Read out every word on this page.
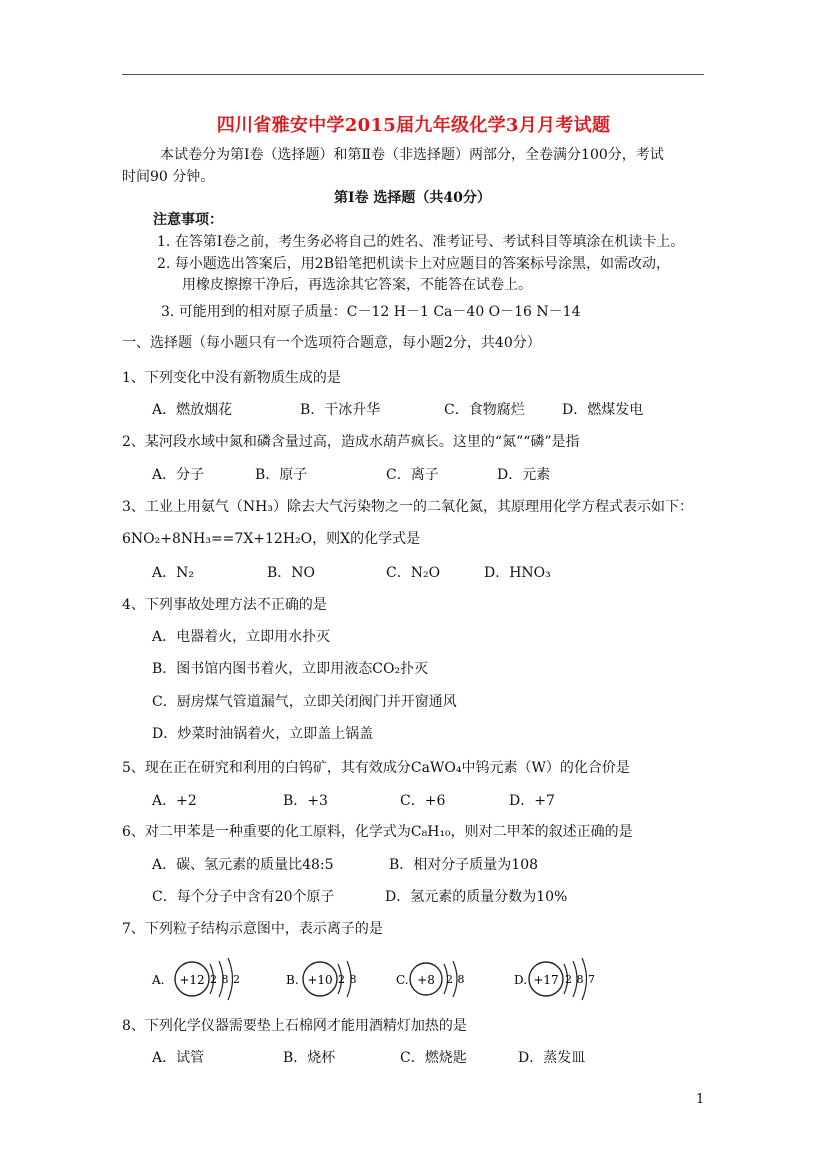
四川省雅安中学2015届九年级化学3月月考试题
本试卷分为第Ⅰ卷（选择题）和第Ⅱ卷（非选择题）两部分，全卷满分100分，考试
时间90 分钟。
第Ⅰ卷 选择题（共40分）
注意事项：
1. 在答第Ⅰ卷之前，考生务必将自己的姓名、准考证号、考试科目等填涂在机读卡上。
2. 每小题选出答案后，用2B铅笔把机读卡上对应题目的答案标号涂黑，如需改动，
用橡皮擦擦干净后，再选涂其它答案，不能答在试卷上。
3. 可能用到的相对原子质量：C－12 H－1 Ca－40 O－16 N－14
一、选择题（每小题只有一个选项符合题意，每小题2分，共40分）
1、下列变化中没有新物质生成的是
A．燃放烟花	B．干冰升华	C．食物腐烂	D．燃煤发电
2、某河段水域中氮和磷含量过高，造成水葫芦疯长。这里的“氮”“磷”是指
A．分子	B．原子	C．离子	D．元素
3、工业上用氨气（NH₃）除去大气污染物之一的二氧化氮，其原理用化学方程式表示如下：
6NO₂+8NH₃==7X+12H₂O，则X的化学式是
A．N₂	B．NO	C．N₂O	D．HNO₃
4、下列事故处理方法不正确的是
A．电器着火，立即用水扑灭
B．图书馆内图书着火，立即用液态CO₂扑灭
C．厨房煤气管道漏气，立即关闭阀门并开窗通风
D．炒菜时油锅着火，立即盖上锅盖
5、现在正在研究和利用的白钨矿，其有效成分CaWO₄中钨元素（W）的化合价是
A．+2	B．+3	C．+6	D．+7
6、对二甲苯是一种重要的化工原料，化学式为C₈H₁₀，则对二甲苯的叙述正确的是
A．碳、氢元素的质量比48:5	B．相对分子质量为108
C．每个分子中含有20个原子	D．氢元素的质量分数为10%
7、下列粒子结构示意图中，表示离子的是
A. +12 2 8 2	B. +10 2 8	C. +8 2 8	D. +17 2 8 7
8、下列化学仪器需要垫上石棉网才能用酒精灯加热的是
A．试管	B．烧杯	C．燃烧匙	D．蒸发皿
1
